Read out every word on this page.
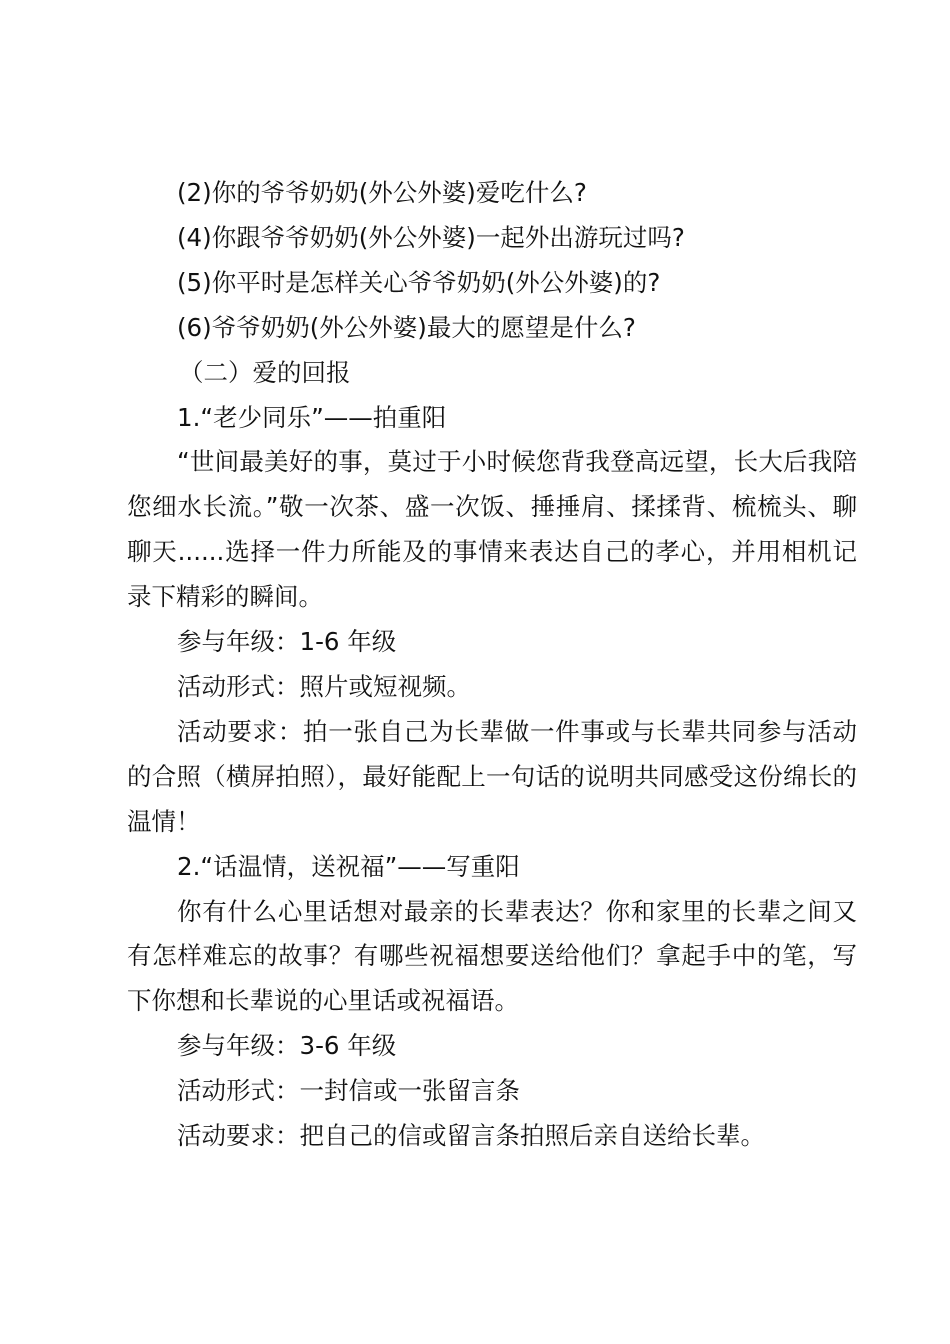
(2)你的爷爷奶奶(外公外婆)爱吃什么?

(4)你跟爷爷奶奶(外公外婆)一起外出游玩过吗?

(5)你平时是怎样关心爷爷奶奶(外公外婆)的?

(6)爷爷奶奶(外公外婆)最大的愿望是什么?

（二）爱的回报

1.“老少同乐”——拍重阳

“世间最美好的事，莫过于小时候您背我登高远望，长大后我陪您细水长流。”敬一次茶、盛一次饭、捶捶肩、揉揉背、梳梳头、聊聊天......选择一件力所能及的事情来表达自己的孝心，并用相机记录下精彩的瞬间。

参与年级：1-6 年级

活动形式：照片或短视频。

活动要求：拍一张自己为长辈做一件事或与长辈共同参与活动的合照（横屏拍照），最好能配上一句话的说明共同感受这份绵长的温情！

2.“话温情，送祝福”——写重阳

你有什么心里话想对最亲的长辈表达？你和家里的长辈之间又有怎样难忘的故事？有哪些祝福想要送给他们？拿起手中的笔，写下你想和长辈说的心里话或祝福语。

参与年级：3-6 年级

活动形式：一封信或一张留言条

活动要求：把自己的信或留言条拍照后亲自送给长辈。
